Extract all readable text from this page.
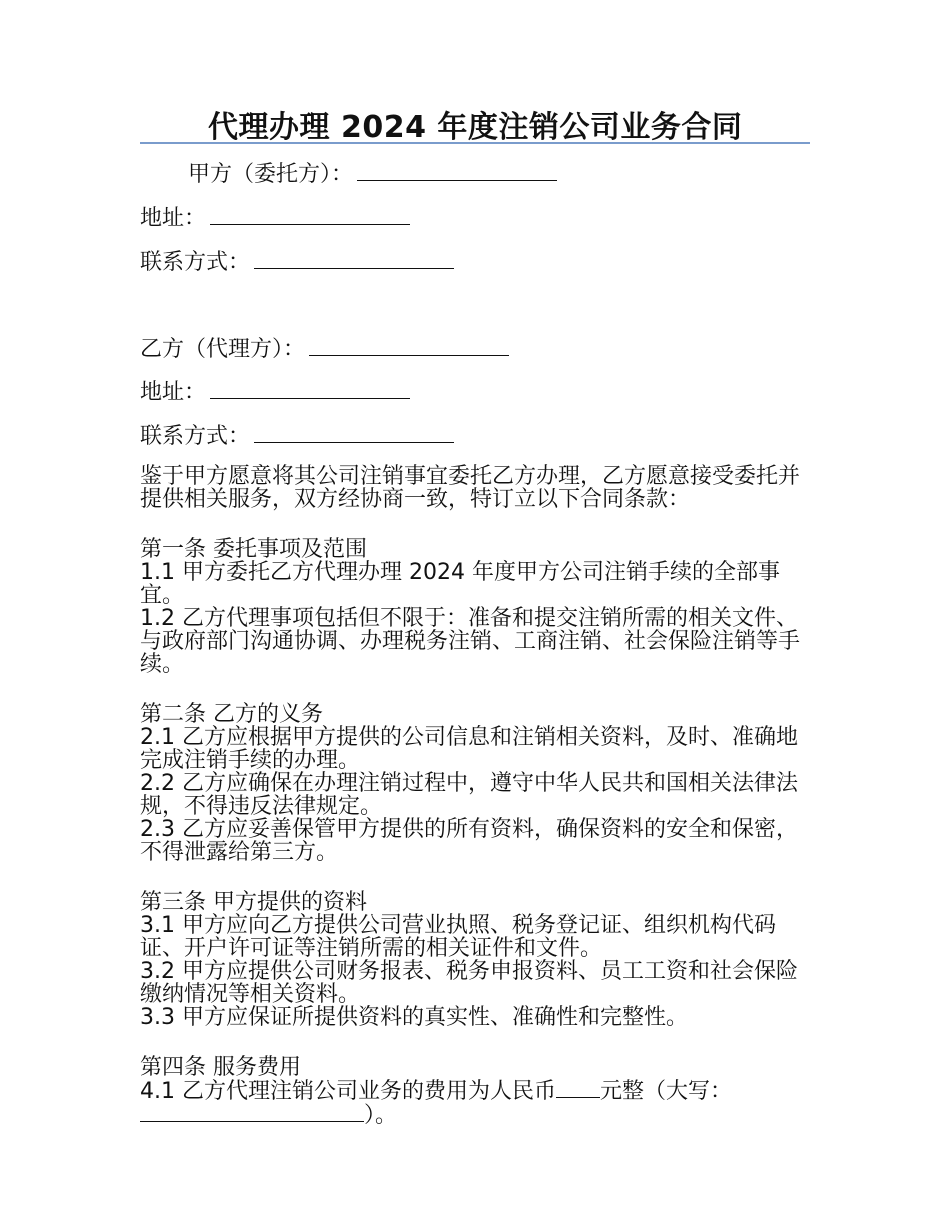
代理办理 2024 年度注销公司业务合同
甲方（委托方）：
地址：
联系方式：
乙方（代理方）：
地址：
联系方式：

鉴于甲方愿意将其公司注销事宜委托乙方办理，乙方愿意接受委托并提供相关服务，双方经协商一致，特订立以下合同条款：

第一条 委托事项及范围

1.1 甲方委托乙方代理办理 2024 年度甲方公司注销手续的全部事宜。

1.2 乙方代理事项包括但不限于：准备和提交注销所需的相关文件、与政府部门沟通协调、办理税务注销、工商注销、社会保险注销等手续。

第二条 乙方的义务

2.1 乙方应根据甲方提供的公司信息和注销相关资料，及时、准确地完成注销手续的办理。

2.2 乙方应确保在办理注销过程中，遵守中华人民共和国相关法律法规，不得违反法律规定。

2.3 乙方应妥善保管甲方提供的所有资料，确保资料的安全和保密，不得泄露给第三方。

第三条 甲方提供的资料

3.1 甲方应向乙方提供公司营业执照、税务登记证、组织机构代码证、开户许可证等注销所需的相关证件和文件。

3.2 甲方应提供公司财务报表、税务申报资料、员工工资和社会保险缴纳情况等相关资料。

3.3 甲方应保证所提供资料的真实性、准确性和完整性。

第四条 服务费用

4.1 乙方代理注销公司业务的费用为人民币 元整（大写：
）。
